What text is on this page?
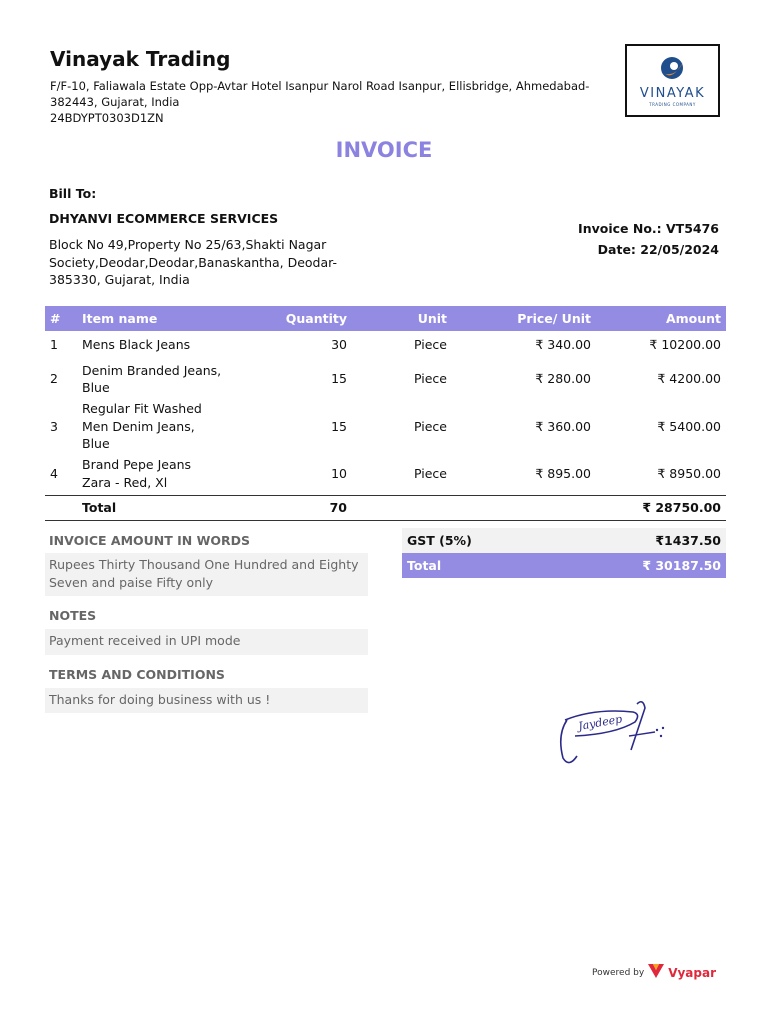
Vinayak Trading
F/F-10, Faliawala Estate Opp-Avtar Hotel Isanpur Narol Road Isanpur, Ellisbridge, Ahmedabad-382443, Gujarat, India
24BDYPT0303D1ZN
VINAYAK
TRADING COMPANY
INVOICE
Bill To:
DHYANVI ECOMMERCE SERVICES
Block No 49,Property No 25/63,Shakti Nagar Society,Deodar,Deodar,Banaskantha, Deodar-385330, Gujarat, India
Invoice No.: VT5476
Date: 22/05/2024
#	Item name	Quantity	Unit	Price/ Unit	Amount
1	Mens Black Jeans	30	Piece	₹ 340.00	₹ 10200.00
2	Denim Branded Jeans, Blue	15	Piece	₹ 280.00	₹ 4200.00
3	Regular Fit Washed Men Denim Jeans, Blue	15	Piece	₹ 360.00	₹ 5400.00
4	Brand Pepe Jeans Zara - Red, Xl	10	Piece	₹ 895.00	₹ 8950.00
	Total	70			₹ 28750.00
INVOICE AMOUNT IN WORDS
Rupees Thirty Thousand One Hundred and Eighty Seven and paise Fifty only
NOTES
Payment received in UPI mode
TERMS AND CONDITIONS
Thanks for doing business with us !
GST (5%)	₹1437.50
Total	₹ 30187.50
Jaydeep
Powered by Vyapar
